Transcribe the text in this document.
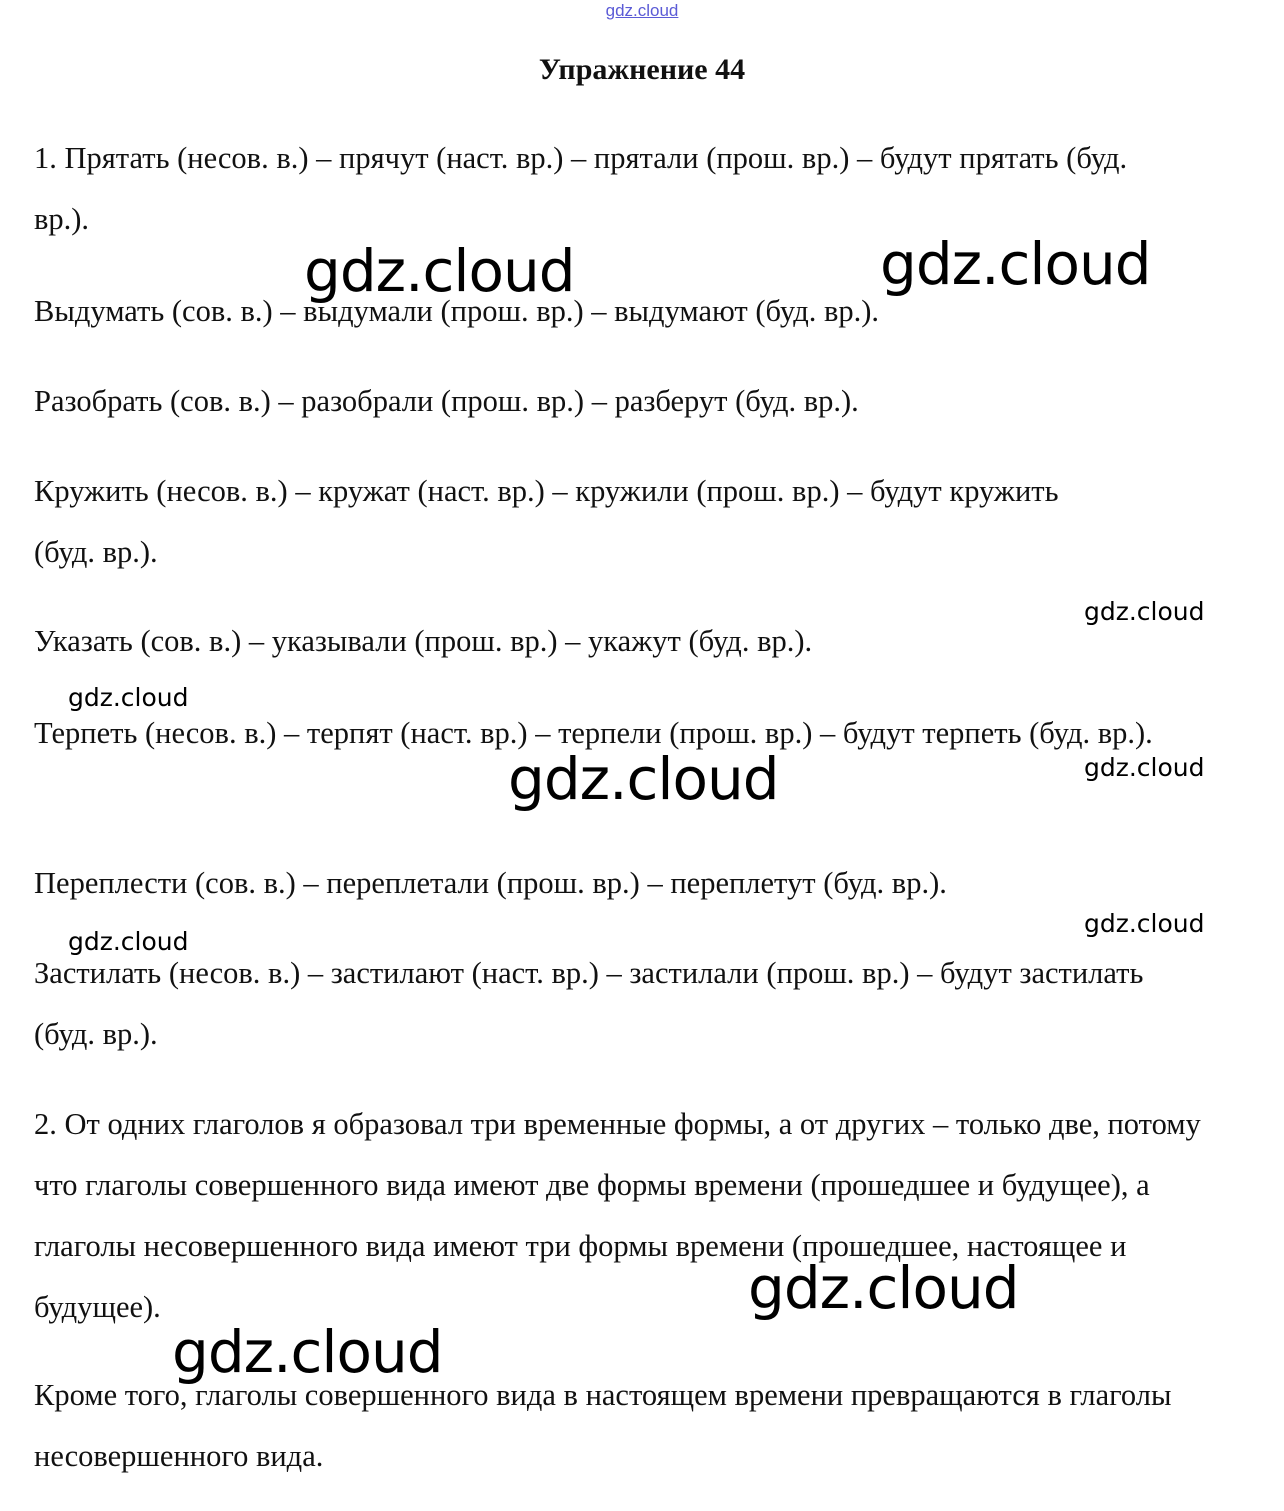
gdz.cloud
Упражнение 44
1. Прятать (несов. в.) – прячут (наст. вр.) – прятали (прош. вр.) – будут прятать (буд. вр.).
Выдумать (сов. в.) – выдумали (прош. вр.) – выдумают (буд. вр.).
Разобрать (сов. в.) – разобрали (прош. вр.) – разберут (буд. вр.).
Кружить (несов. в.) – кружат (наст. вр.) – кружили (прош. вр.) – будут кружить (буд. вр.).
Указать (сов. в.) – указывали (прош. вр.) – укажут (буд. вр.).
Терпеть (несов. в.) – терпят (наст. вр.) – терпели (прош. вр.) – будут терпеть (буд. вр.).
Переплести (сов. в.) – переплетали (прош. вр.) – переплетут (буд. вр.).
Застилать (несов. в.) – застилают (наст. вр.) – застилали (прош. вр.) – будут застилать (буд. вр.).
2. От одних глаголов я образовал три временные формы, а от других – только две, потому что глаголы совершенного вида имеют две формы времени (прошедшее и будущее), а глаголы несовершенного вида имеют три формы времени (прошедшее, настоящее и будущее).
Кроме того, глаголы совершенного вида в настоящем времени превращаются в глаголы несовершенного вида.
gdz.cloud	gdz.cloud
gdz.cloud
gdz.cloud
gdz.cloud	gdz.cloud
gdz.cloud
gdz.cloud
gdz.cloud
gdz.cloud
